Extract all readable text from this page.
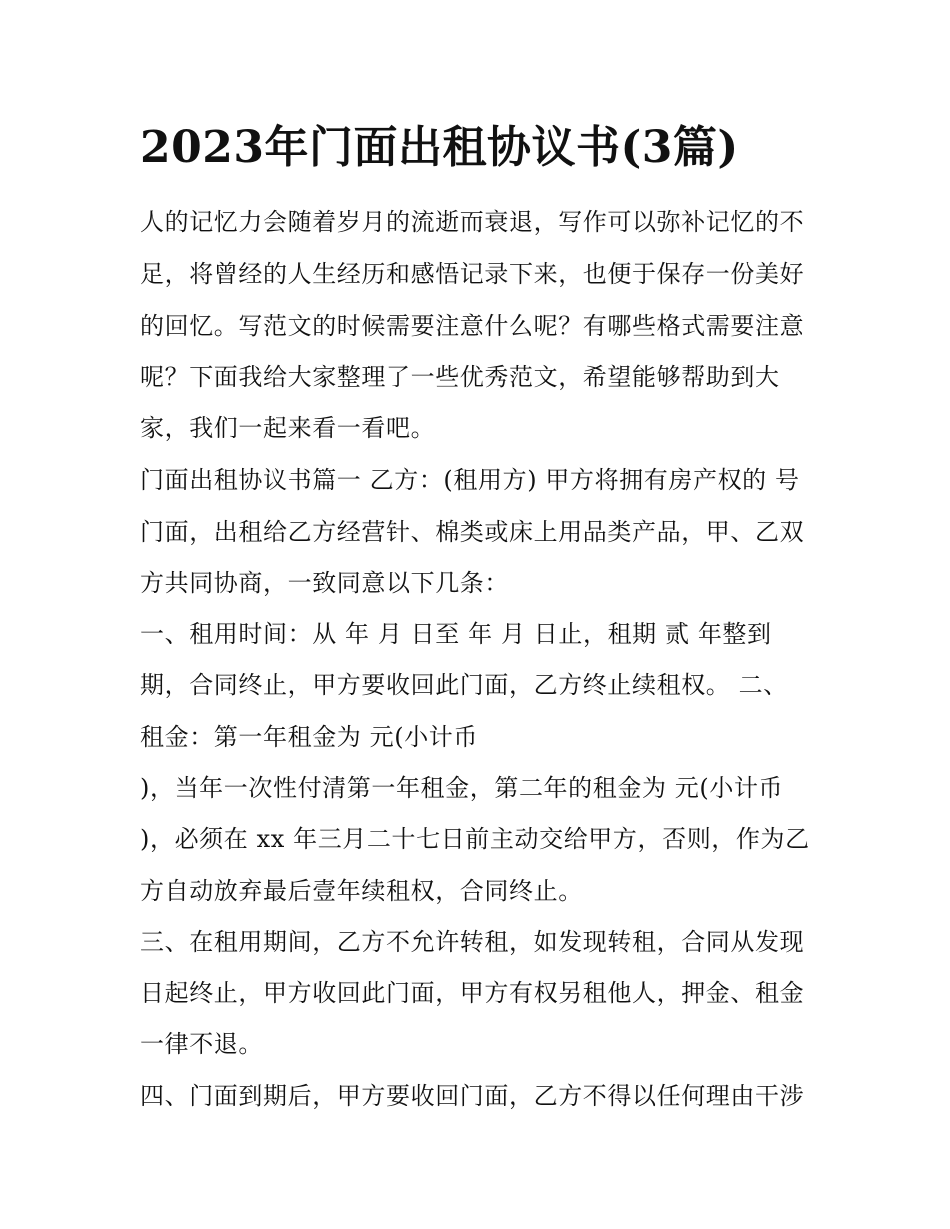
2023年门面出租协议书(3篇)

人的记忆力会随着岁月的流逝而衰退，写作可以弥补记忆的不

足，将曾经的人生经历和感悟记录下来，也便于保存一份美好

的回忆。写范文的时候需要注意什么呢？有哪些格式需要注意

呢？下面我给大家整理了一些优秀范文，希望能够帮助到大

家，我们一起来看一看吧。

门面出租协议书篇一 乙方：(租用方) 甲方将拥有房产权的 号

门面，出租给乙方经营针、棉类或床上用品类产品，甲、乙双

方共同协商，一致同意以下几条：

一、租用时间：从 年 月 日至 年 月 日止，租期 贰 年整到

期，合同终止，甲方要收回此门面，乙方终止续租权。 二、

租金：第一年租金为 元(小计币

)，当年一次性付清第一年租金，第二年的租金为 元(小计币

)，必须在 xx 年三月二十七日前主动交给甲方，否则，作为乙

方自动放弃最后壹年续租权，合同终止。

三、在租用期间，乙方不允许转租，如发现转租，合同从发现

日起终止，甲方收回此门面，甲方有权另租他人，押金、租金

一律不退。

四、门面到期后，甲方要收回门面，乙方不得以任何理由干涉
